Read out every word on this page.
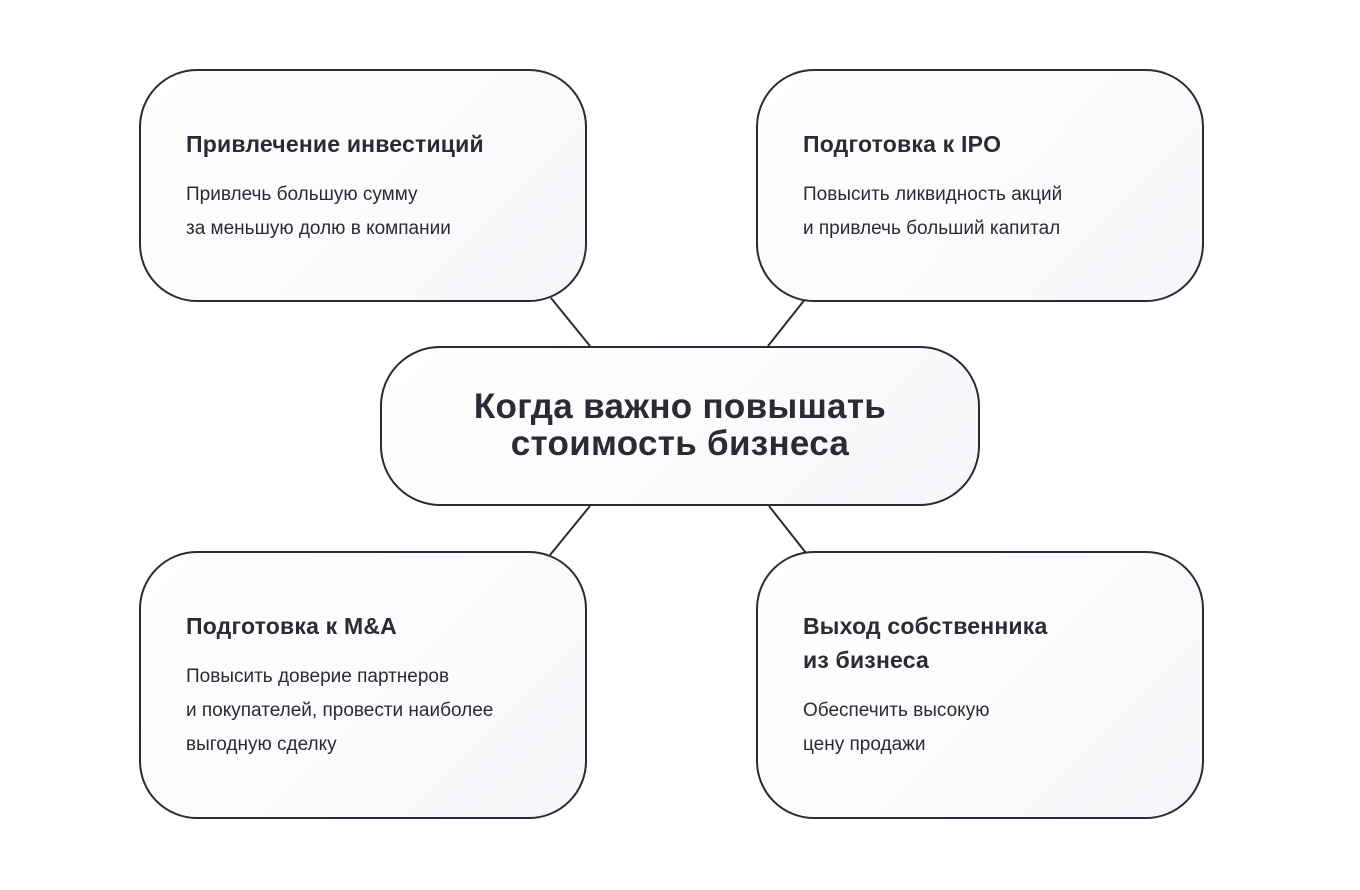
Привлечение инвестиций
Привлечь большую сумму
за меньшую долю в компании
Подготовка к IPO
Повысить ликвидность акций
и привлечь больший капитал
Когда важно повышать
стоимость бизнеса
Подготовка к M&A
Повысить доверие партнеров
и покупателей, провести наиболее
выгодную сделку
Выход собственника
из бизнеса
Обеспечить высокую
цену продажи
